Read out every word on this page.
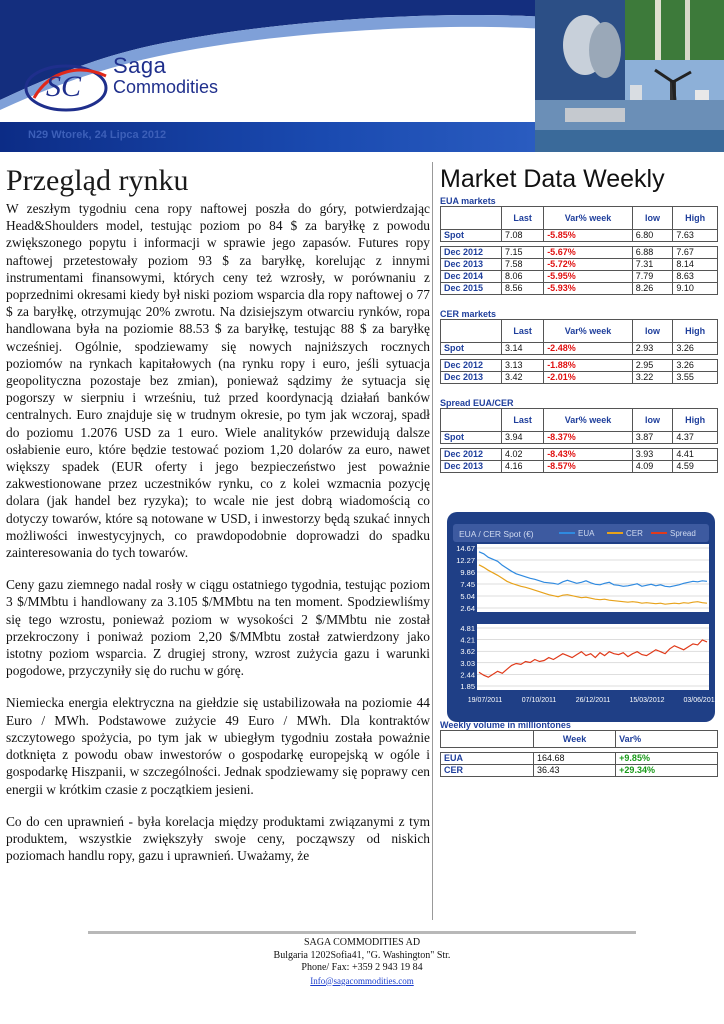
SC
Saga
Commodities
N29 Wtorek, 24 Lipca 2012
Przegląd rynku

W zeszłym tygodniu cena ropy naftowej poszła do góry, potwierdzając Head&Shoulders model, testując poziom po 84 $ za baryłkę z powodu zwiększonego popytu i informacji w sprawie jego zapasów. Futures ropy naftowej przetestowały poziom 93 $ za baryłkę, korelując z innymi instrumentami finansowymi, których ceny też wzrosły, w porównaniu z poprzednimi okresami kiedy był niski poziom wsparcia dla ropy naftowej o 77 $ za baryłkę, otrzymując 20% zwrotu. Na dzisiejszym otwarciu rynków, ropa handlowana była na poziomie 88.53 $ za baryłkę, testując 88 $ za baryłkę wcześniej. Ogólnie, spodziewamy się nowych najniższych rocznych poziomów na rynkach kapitałowych (na rynku ropy i euro, jeśli sytuacja geopolityczna pozostaje bez zmian), ponieważ sądzimy że sytuacja się pogorszy w sierpniu i wrześniu, tuż przed koordynacją działań banków centralnych. Euro znajduje się w trudnym okresie, po tym jak wczoraj, spadł do poziomu 1.2076 USD za 1 euro. Wiele analityków przewidują dalsze osłabienie euro, które będzie testować poziom 1,20 dolarów za euro, nawet większy spadek (EUR oferty i jego bezpieczeństwo jest poważnie zakwestionowane przez uczestników rynku, co z kolei wzmacnia pozycję dolara (jak handel bez ryzyka); to wcale nie jest dobrą wiadomością co dotyczy towarów, które są notowane w USD, i inwestorzy będą szukać innych możliwości inwestycyjnych, co prawdopodobnie doprowadzi do spadku zainteresowania do tych towarów.

Ceny gazu ziemnego nadal rosły w ciągu ostatniego tygodnia, testując poziom 3 $/MMbtu i handlowany za 3.105 $/MMbtu na ten moment. Spodziewliśmy się tego wzrostu, ponieważ poziom w wysokości 2 $/MMbtu nie został przekroczony i poniważ poziom 2,20 $/MMbtu został zatwierdzony jako istotny poziom wsparcia. Z drugiej strony, wzrost zużycia gazu i warunki pogodowe, przyczyniły się do ruchu w górę.

Niemiecka energia elektryczna na giełdzie się ustabilizowała na poziomie 44 Euro / MWh. Podstawowe zużycie 49 Euro / MWh. Dla kontraktów szczytowego spożycia, po tym jak w ubiegłym tygodniu została poważnie dotknięta z powodu obaw inwestorów o gospodarkę europejską w ogóle i gospodarkę Hiszpanii, w szczególności. Jednak spodziewamy się poprawy cen energii w krótkim czasie z początkiem jesieni.

Co do cen uprawnień - była korelacja między produktami związanymi z tym produktem, wszystkie zwiększyły swoje ceny, począwszy od niskich poziomach handlu ropy, gazu i uprawnień. Uważamy, że

Market Data Weekly

EUA markets

	Last	Var% week	low	High
Spot	7.08	-5.85%	6.80	7.63

Dec 2012	7.15	-5.67%	6.88	7.67
Dec 2013	7.58	-5.72%	7.31	8.14
Dec 2014	8.06	-5.95%	7.79	8.63
Dec 2015	8.56	-5.93%	8.26	9.10

CER markets

	Last	Var% week	low	High
Spot	3.14	-2.48%	2.93	3.26

Dec 2012	3.13	-1.88%	2.95	3.26
Dec 2013	3.42	-2.01%	3.22	3.55

Spread EUA/CER

	Last	Var% week	low	High
Spot	3.94	-8.37%	3.87	4.37

Dec 2012	4.02	-8.43%	3.93	4.41
Dec 2013	4.16	-8.57%	4.09	4.59
EUA / CER Spot (€)	EUA	CER	Spread
14.67
12.27
9.86
7.45
5.04
2.64
4.81
4.21
3.62
3.03
2.44
1.85
19/07/2011	07/10/2011	26/12/2011	15/03/2012	03/06/2012

Weekly volume in milliontones

	Week	Var%

EUA	164.68	+9.85%
CER	36.43	+29.34%
SAGA COMMODITIES AD
Bulgaria 1202Sofia41, "G. Washington" Str.
Phone/ Fax: +359 2 943 19 84
Info@sagacommodities.com
